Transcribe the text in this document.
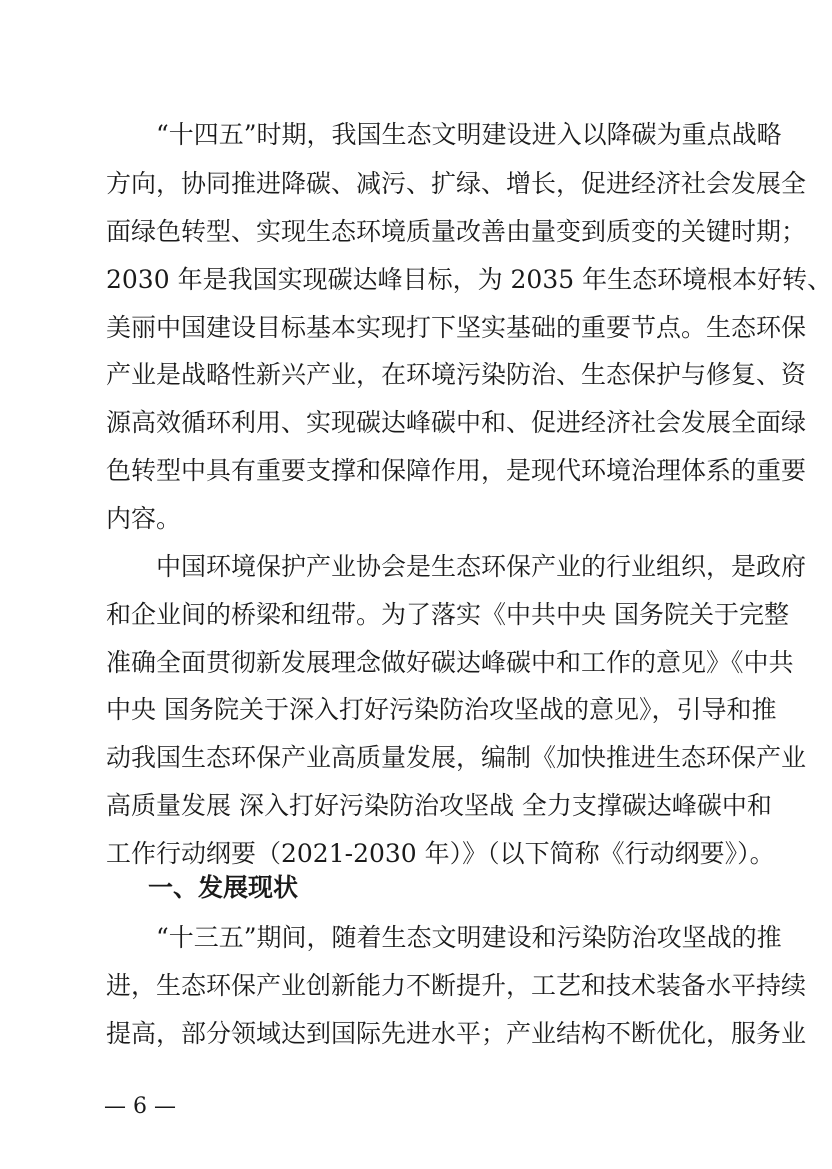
“十四五”时期，我国生态文明建设进入以降碳为重点战略
方向，协同推进降碳、减污、扩绿、增长，促进经济社会发展全
面绿色转型、实现生态环境质量改善由量变到质变的关键时期；
2030 年是我国实现碳达峰目标，为 2035 年生态环境根本好转、
美丽中国建设目标基本实现打下坚实基础的重要节点。生态环保
产业是战略性新兴产业，在环境污染防治、生态保护与修复、资
源高效循环利用、实现碳达峰碳中和、促进经济社会发展全面绿
色转型中具有重要支撑和保障作用，是现代环境治理体系的重要
内容。
中国环境保护产业协会是生态环保产业的行业组织，是政府
和企业间的桥梁和纽带。为了落实《中共中央 国务院关于完整
准确全面贯彻新发展理念做好碳达峰碳中和工作的意见》《中共
中央 国务院关于深入打好污染防治攻坚战的意见》，引导和推
动我国生态环保产业高质量发展，编制《加快推进生态环保产业
高质量发展 深入打好污染防治攻坚战 全力支撑碳达峰碳中和
工作行动纲要（2021-2030 年）》（以下简称《行动纲要》）。
一、发展现状
“十三五”期间，随着生态文明建设和污染防治攻坚战的推
进，生态环保产业创新能力不断提升，工艺和技术装备水平持续
提高，部分领域达到国际先进水平；产业结构不断优化，服务业
— 6 —
